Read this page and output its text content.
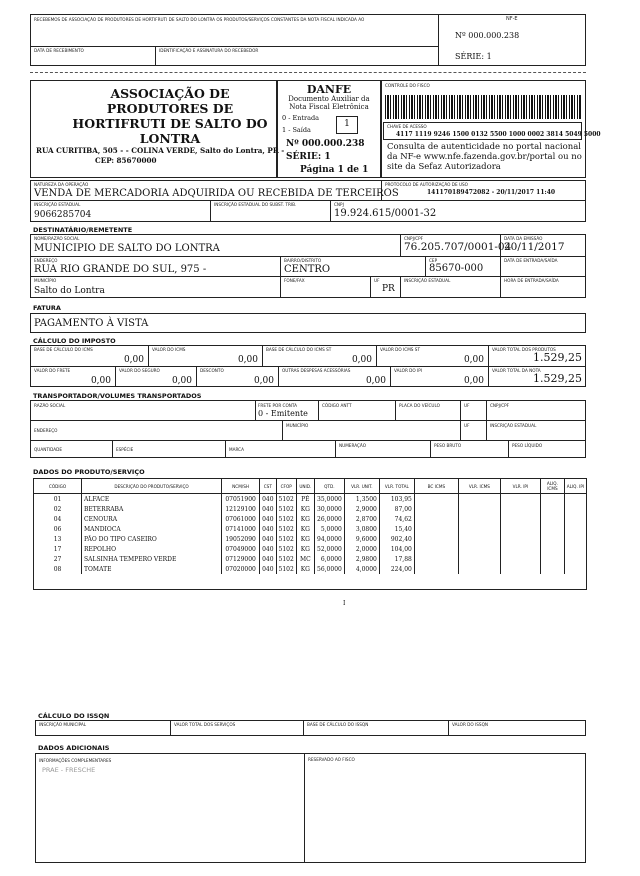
RECEBEMOS DE ASSOCIAÇÃO DE PRODUTORES DE HORTIFRUTI DE SALTO DO LONTRA OS PRODUTOS/SERVIÇOS CONSTANTES DA NOTA FISCAL INDICADA AO	NF-E
Nº 000.000.238
SÉRIE: 1
DATA DE RECEBIMENTO	IDENTIFICAÇÃO E ASSINATURA DO RECEBEDOR
ASSOCIAÇÃO DE PRODUTORES DE HORTIFRUTI DE SALTO DO LONTRA
RUA CURITIBA, 505 - - COLINA VERDE, Salto do Lontra, PR -
CEP: 85670000
DANFE
Documento Auxiliar da Nota Fiscal Eletrônica
0 - Entrada
1 - Saída
1
Nº 000.000.238
SÉRIE: 1
Página 1 de 1
CONTROLE DO FISCO
CHAVE DE ACESSO
4117 1119 9246 1500 0132 5500 1000 0002 3814 5049 5000
Consulta de autenticidade no portal nacional da NF-e www.nfe.fazenda.gov.br/portal ou no site da Sefaz Autorizadora
NATUREZA DA OPERAÇÃO
VENDA DE MERCADORIA ADQUIRIDA OU RECEBIDA DE TERCEIROS
PROTOCOLO DE AUTORIZAÇÃO DE USO
141170189472082 - 20/11/2017 11:40
INSCRIÇÃO ESTADUAL
9066285704
INSCRIÇÃO ESTADUAL DO SUBST. TRIB.	CNPJ
19.924.615/0001-32
DESTINATÁRIO/REMETENTE
NOME/RAZÃO SOCIAL
MUNICIPIO DE SALTO DO LONTRA
CNPJ/CPF
76.205.707/0001-04
DATA DA EMISSÃO
20/11/2017
ENDEREÇO
RUA RIO GRANDE DO SUL, 975 -
BAIRRO/DISTRITO
CENTRO
CEP
85670-000
DATA DE ENTRADA/SAÍDA
MUNICÍPIO
Salto do Lontra
FONE/FAX	UF
PR
INSCRIÇÃO ESTADUAL	HORA DE ENTRADA/SAÍDA
FATURA
PAGAMENTO À VISTA
CÁLCULO DO IMPOSTO
BASE DE CÁLCULO DO ICMS
0,00
VALOR DO ICMS
0,00
BASE DE CÁLCULO DO ICMS ST
0,00
VALOR DO ICMS ST
0,00
VALOR TOTAL DOS PRODUTOS
1.529,25
VALOR DO FRETE
0,00
VALOR DO SEGURO
0,00
DESCONTO
0,00
OUTRAS DESPESAS ACESSÓRIAS
0,00
VALOR DO IPI
0,00
VALOR TOTAL DA NOTA
1.529,25
TRANSPORTADOR/VOLUMES TRANSPORTADOS
RAZÃO SOCIAL	FRETE POR CONTA
0 - Emitente
CÓDIGO ANTT	PLACA DO VEÍCULO	UF	CNPJ/CPF
ENDEREÇO
MUNICÍPIO	UF	INSCRIÇÃO ESTADUAL
QUANTIDADE	ESPÉCIE	MARCA
NUMERAÇÃO	PESO BRUTO	PESO LÍQUIDO
DADOS DO PRODUTO/SERVIÇO
CÓDIGO	DESCRIÇÃO DO PRODUTO/SERVIÇO	NCM/SH	CST	CFOP	UNID.	QTD.	VLR. UNIT.	VLR. TOTAL	BC ICMS	VLR. ICMS	VLR. IPI	ALIQ. ICMS	ALIQ. IPI
01	ALFACE	07051900	040	5102	PÉ	35,0000	1,3500	103,95					
02	BETERRABA	12129100	040	5102	KG	30,0000	2,9000	87,00					
04	CENOURA	07061000	040	5102	KG	26,0000	2,8700	74,62					
06	MANDIOCA	07141000	040	5102	KG	5,0000	3,0800	15,40					
13	PÃO DO TIPO CASEIRO	19052090	040	5102	KG	94,0000	9,6000	902,40					
17	REPOLHO	07049000	040	5102	KG	52,0000	2,0000	104,00					
27	SALSINHA TEMPERO VERDE	07129000	040	5102	MC	6,0000	2,9800	17,88					
08	TOMATE	07020000	040	5102	KG	56,0000	4,0000	224,00					
I
CÁLCULO DO ISSQN
INSCRIÇÃO MUNICIPAL	VALOR TOTAL DOS SERVIÇOS	BASE DE CÁLCULO DO ISSQN	VALOR DO ISSQN
DADOS ADICIONAIS
INFORMAÇÕES COMPLEMENTARES
PRAE - FRESCHE
RESERVADO AO FISCO
